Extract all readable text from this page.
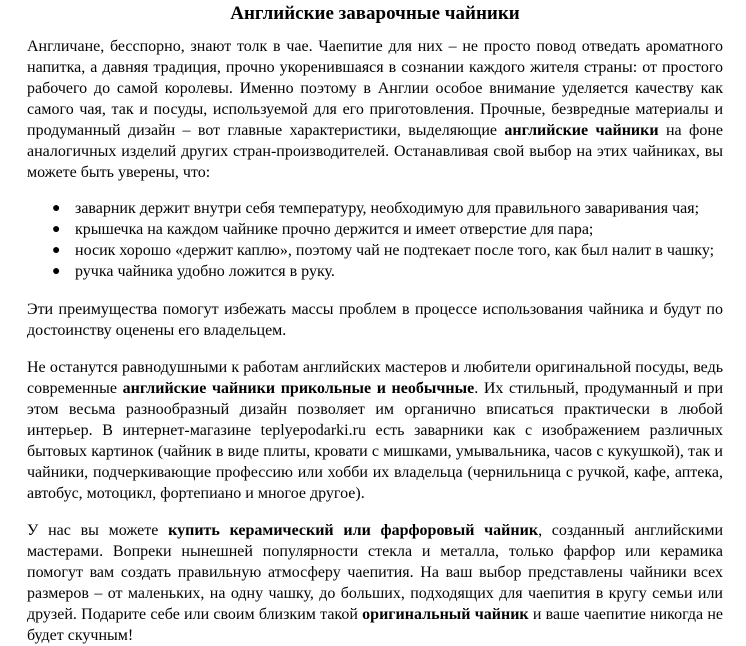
Английские заварочные чайники

Англичане, бесспорно, знают толк в чае. Чаепитие для них – не просто повод отведать ароматного напитка, а давняя традиция, прочно укоренившаяся в сознании каждого жителя страны: от простого рабочего до самой королевы. Именно поэтому в Англии особое внимание уделяется качеству как самого чая, так и посуды, используемой для его приготовления. Прочные, безвредные материалы и продуманный дизайн – вот главные характеристики, выделяющие английские чайники на фоне аналогичных изделий других стран-производителей. Останавливая свой выбор на этих чайниках, вы можете быть уверены, что:

● заварник держит внутри себя температуру, необходимую для правильного заваривания чая;
● крышечка на каждом чайнике прочно держится и имеет отверстие для пара;
● носик хорошо «держит каплю», поэтому чай не подтекает после того, как был налит в чашку;
● ручка чайника удобно ложится в руку.

Эти преимущества помогут избежать массы проблем в процессе использования чайника и будут по достоинству оценены его владельцем.

Не останутся равнодушными к работам английских мастеров и любители оригинальной посуды, ведь современные английские чайники прикольные и необычные. Их стильный, продуманный и при этом весьма разнообразный дизайн позволяет им органично вписаться практически в любой интерьер. В интернет-магазине teplyepodarki.ru есть заварники как с изображением различных бытовых картинок (чайник в виде плиты, кровати с мишками, умывальника, часов с кукушкой), так и чайники, подчеркивающие профессию или хобби их владельца (чернильница с ручкой, кафе, аптека, автобус, мотоцикл, фортепиано и многое другое).

У нас вы можете купить керамический или фарфоровый чайник, созданный английскими мастерами. Вопреки нынешней популярности стекла и металла, только фарфор или керамика помогут вам создать правильную атмосферу чаепития. На ваш выбор представлены чайники всех размеров – от маленьких, на одну чашку, до больших, подходящих для чаепития в кругу семьи или друзей. Подарите себе или своим близким такой оригинальный чайник и ваше чаепитие никогда не будет скучным!
